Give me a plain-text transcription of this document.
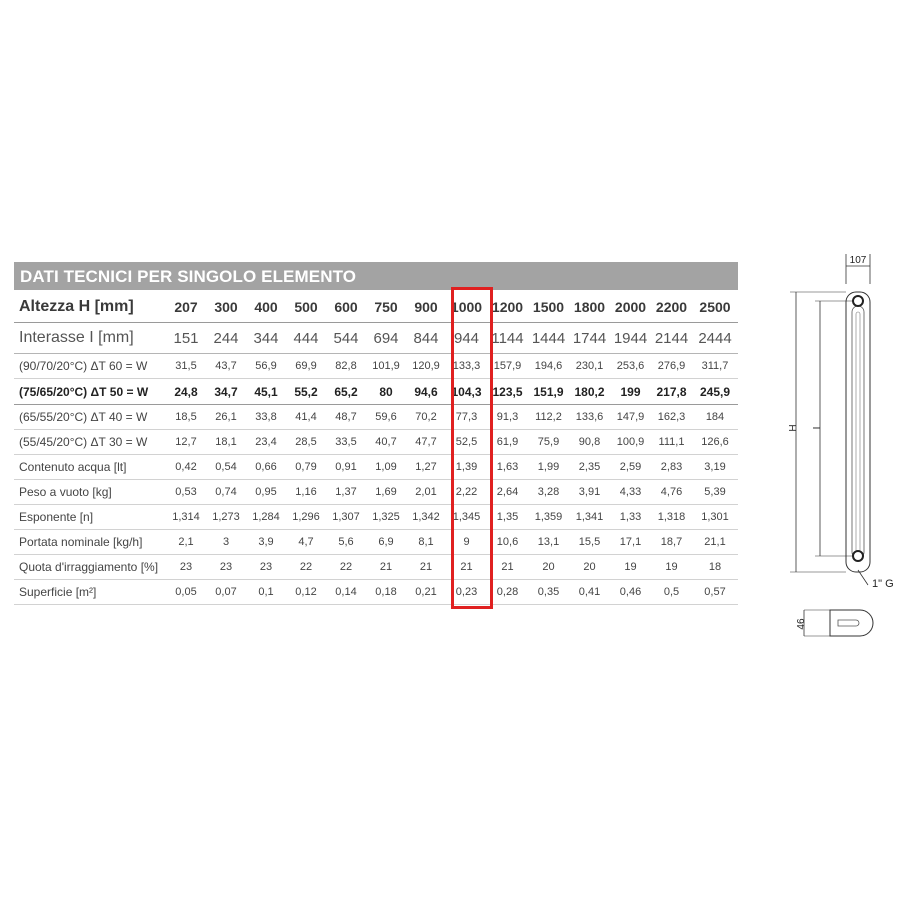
DATI TECNICI PER SINGOLO ELEMENTO
Altezza H [mm]	207	300	400	500	600	750	900	1000	1200	1500	1800	2000	2200	2500
Interasse I [mm]	151	244	344	444	544	694	844	944	1144	1444	1744	1944	2144	2444
(90/70/20°C) ΔT 60 = W	31,5	43,7	56,9	69,9	82,8	101,9	120,9	133,3	157,9	194,6	230,1	253,6	276,9	311,7
(75/65/20°C) ΔT 50 = W	24,8	34,7	45,1	55,2	65,2	80	94,6	104,3	123,5	151,9	180,2	199	217,8	245,9
(65/55/20°C) ΔT 40 = W	18,5	26,1	33,8	41,4	48,7	59,6	70,2	77,3	91,3	112,2	133,6	147,9	162,3	184
(55/45/20°C) ΔT 30 = W	12,7	18,1	23,4	28,5	33,5	40,7	47,7	52,5	61,9	75,9	90,8	100,9	111,1	126,6
Contenuto acqua [lt]	0,42	0,54	0,66	0,79	0,91	1,09	1,27	1,39	1,63	1,99	2,35	2,59	2,83	3,19
Peso a vuoto [kg]	0,53	0,74	0,95	1,16	1,37	1,69	2,01	2,22	2,64	3,28	3,91	4,33	4,76	5,39
Esponente [n]	1,314	1,273	1,284	1,296	1,307	1,325	1,342	1,345	1,35	1,359	1,341	1,33	1,318	1,301
Portata nominale [kg/h]	2,1	3	3,9	4,7	5,6	6,9	8,1	9	10,6	13,1	15,5	17,1	18,7	21,1
Quota d'irraggiamento [%]	23	23	23	22	22	21	21	21	21	20	20	19	19	18
Superficie [m²]	0,05	0,07	0,1	0,12	0,14	0,18	0,21	0,23	0,28	0,35	0,41	0,46	0,5	0,57
107
H I
1" G
46
